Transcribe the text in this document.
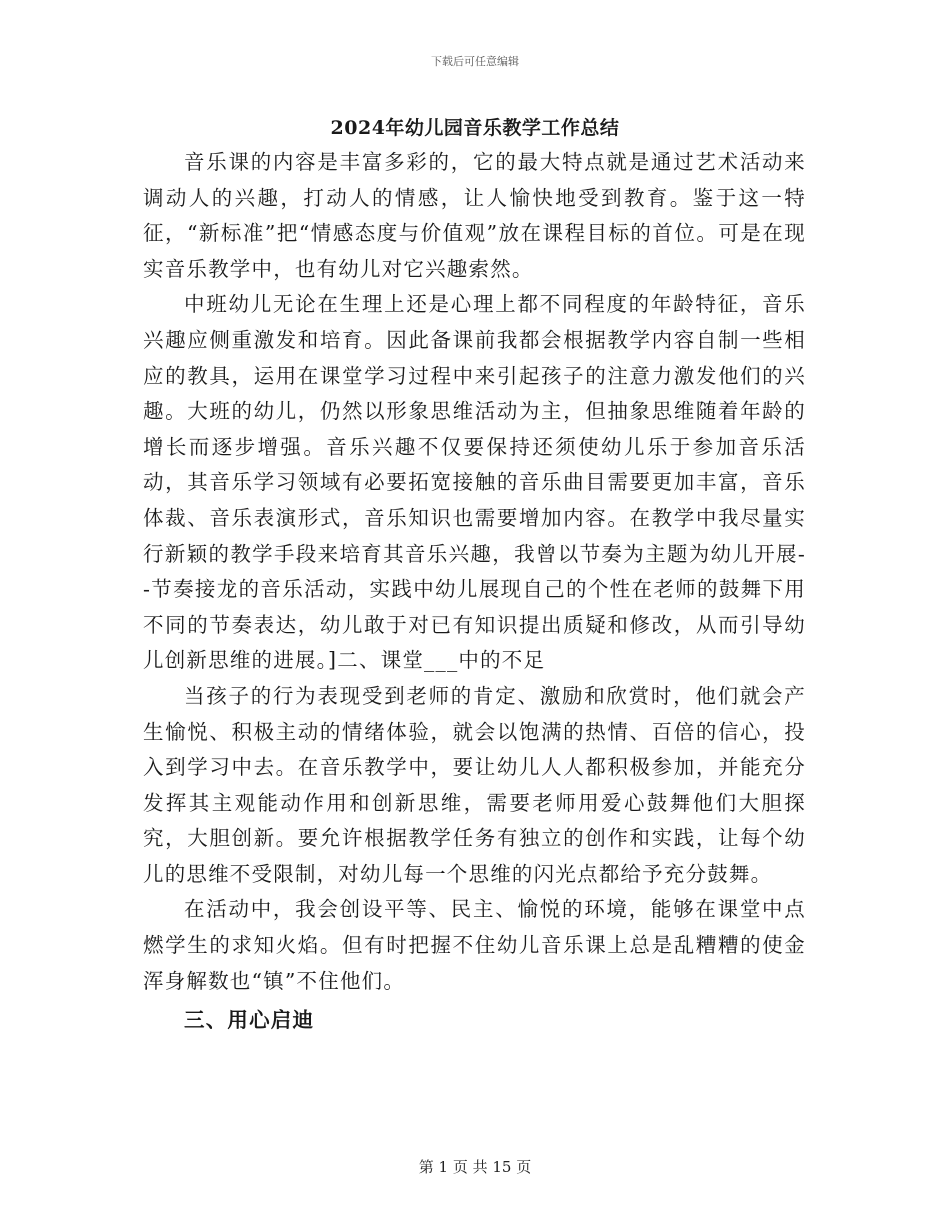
下载后可任意编辑
2024年幼儿园音乐教学工作总结

音乐课的内容是丰富多彩的，它的最大特点就是通过艺术活动来调动人的兴趣，打动人的情感，让人愉快地受到教育。鉴于这一特征，“新标准”把“情感态度与价值观”放在课程目标的首位。可是在现实音乐教学中，也有幼儿对它兴趣索然。

中班幼儿无论在生理上还是心理上都不同程度的年龄特征，音乐兴趣应侧重激发和培育。因此备课前我都会根据教学内容自制一些相应的教具，运用在课堂学习过程中来引起孩子的注意力激发他们的兴趣。大班的幼儿，仍然以形象思维活动为主，但抽象思维随着年龄的增长而逐步增强。音乐兴趣不仅要保持还须使幼儿乐于参加音乐活动，其音乐学习领域有必要拓宽接触的音乐曲目需要更加丰富，音乐体裁、音乐表演形式，音乐知识也需要增加内容。在教学中我尽量实行新颖的教学手段来培育其音乐兴趣，我曾以节奏为主题为幼儿开展--节奏接龙的音乐活动，实践中幼儿展现自己的个性在老师的鼓舞下用不同的节奏表达，幼儿敢于对已有知识提出质疑和修改，从而引导幼儿创新思维的进展。]二、课堂___中的不足

当孩子的行为表现受到老师的肯定、激励和欣赏时，他们就会产生愉悦、积极主动的情绪体验，就会以饱满的热情、百倍的信心，投入到学习中去。在音乐教学中，要让幼儿人人都积极参加，并能充分发挥其主观能动作用和创新思维，需要老师用爱心鼓舞他们大胆探究，大胆创新。要允许根据教学任务有独立的创作和实践，让每个幼儿的思维不受限制，对幼儿每一个思维的闪光点都给予充分鼓舞。

在活动中，我会创设平等、民主、愉悦的环境，能够在课堂中点燃学生的求知火焰。但有时把握不住幼儿音乐课上总是乱糟糟的使金浑身解数也“镇”不住他们。

三、用心启迪

第 1 页 共 15 页
